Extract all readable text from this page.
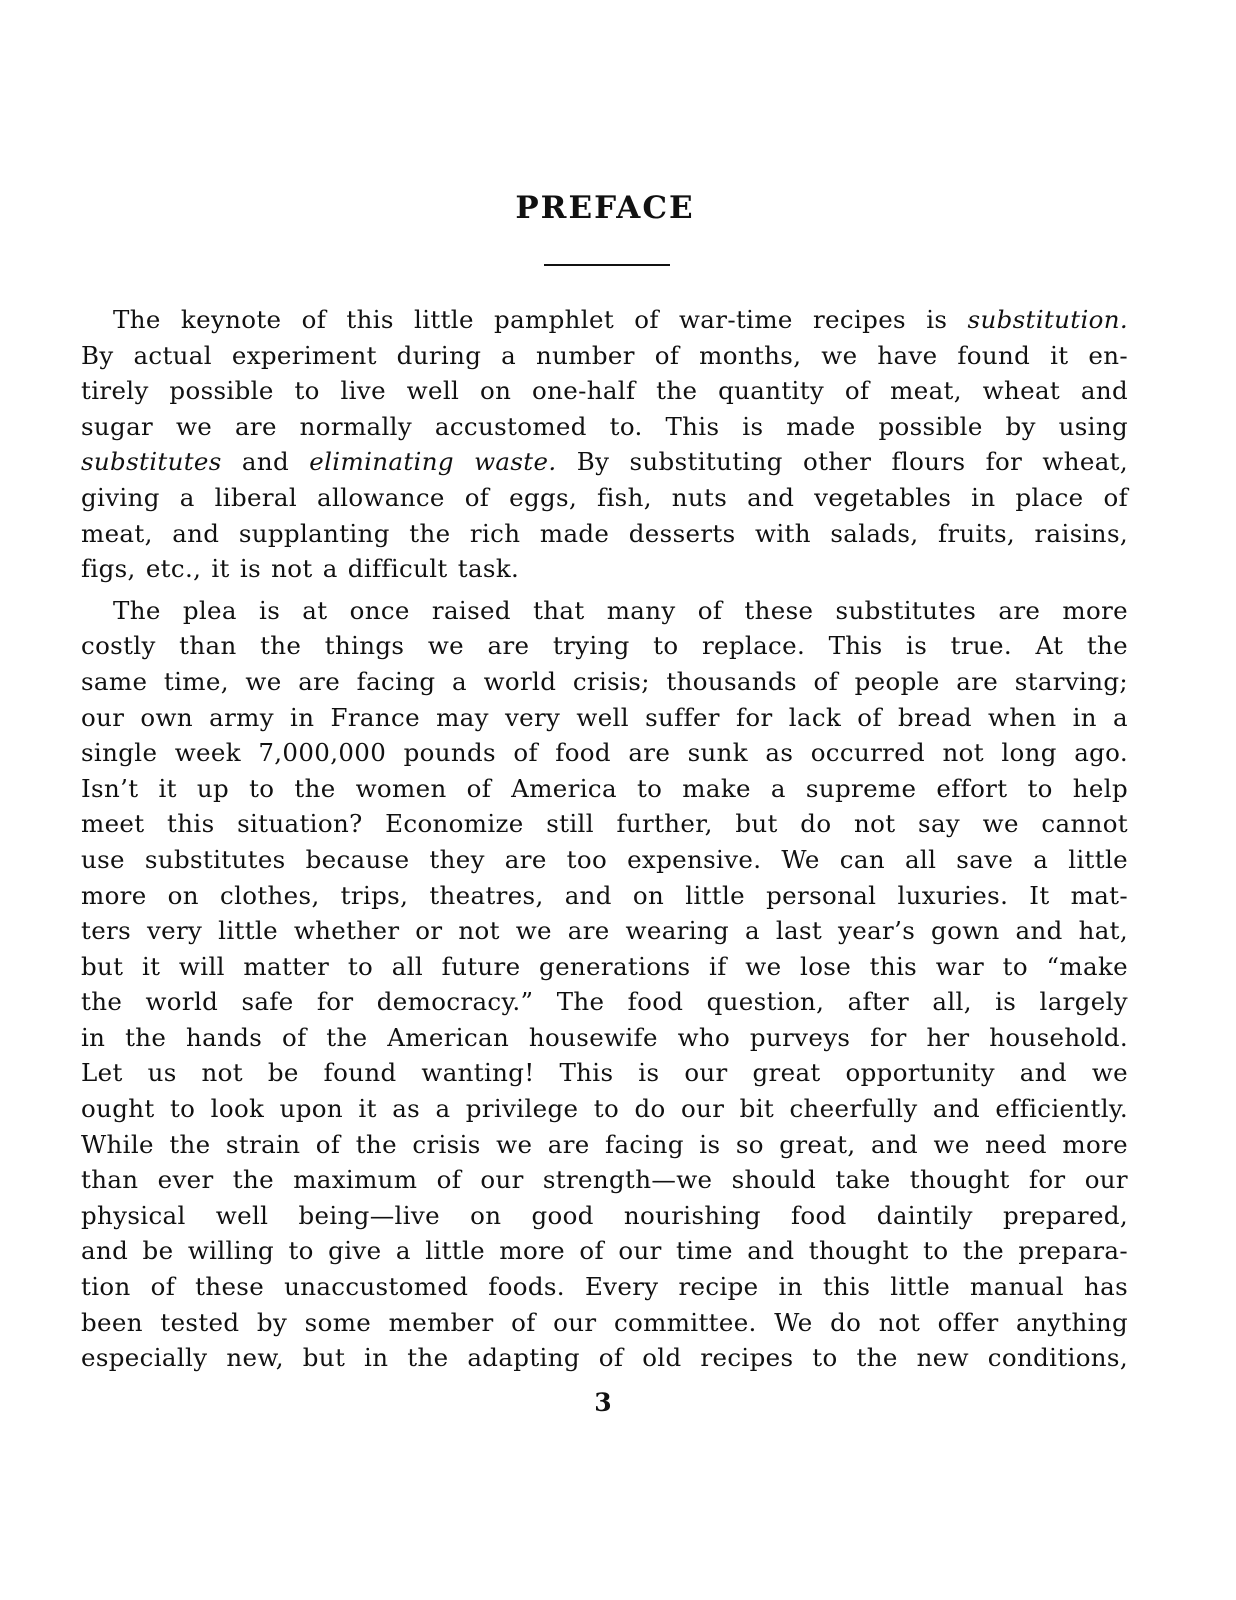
PREFACE
The keynote of this little pamphlet of war-time recipes is substitution.
By actual experiment during a number of months, we have found it en-
tirely possible to live well on one-half the quantity of meat, wheat and
sugar we are normally accustomed to. This is made possible by using
substitutes and eliminating waste. By substituting other flours for wheat,
giving a liberal allowance of eggs, fish, nuts and vegetables in place of
meat, and supplanting the rich made desserts with salads, fruits, raisins,
figs, etc., it is not a difficult task.
The plea is at once raised that many of these substitutes are more
costly than the things we are trying to replace. This is true. At the
same time, we are facing a world crisis; thousands of people are starving;
our own army in France may very well suffer for lack of bread when in a
single week 7,000,000 pounds of food are sunk as occurred not long ago.
Isn’t it up to the women of America to make a supreme effort to help
meet this situation? Economize still further, but do not say we cannot
use substitutes because they are too expensive. We can all save a little
more on clothes, trips, theatres, and on little personal luxuries. It mat-
ters very little whether or not we are wearing a last year’s gown and hat,
but it will matter to all future generations if we lose this war to “make
the world safe for democracy.” The food question, after all, is largely
in the hands of the American housewife who purveys for her household.
Let us not be found wanting! This is our great opportunity and we
ought to look upon it as a privilege to do our bit cheerfully and efficiently.
While the strain of the crisis we are facing is so great, and we need more
than ever the maximum of our strength—we should take thought for our
physical well being—live on good nourishing food daintily prepared,
and be willing to give a little more of our time and thought to the prepara-
tion of these unaccustomed foods. Every recipe in this little manual has
been tested by some member of our committee. We do not offer anything
especially new, but in the adapting of old recipes to the new conditions,
3
